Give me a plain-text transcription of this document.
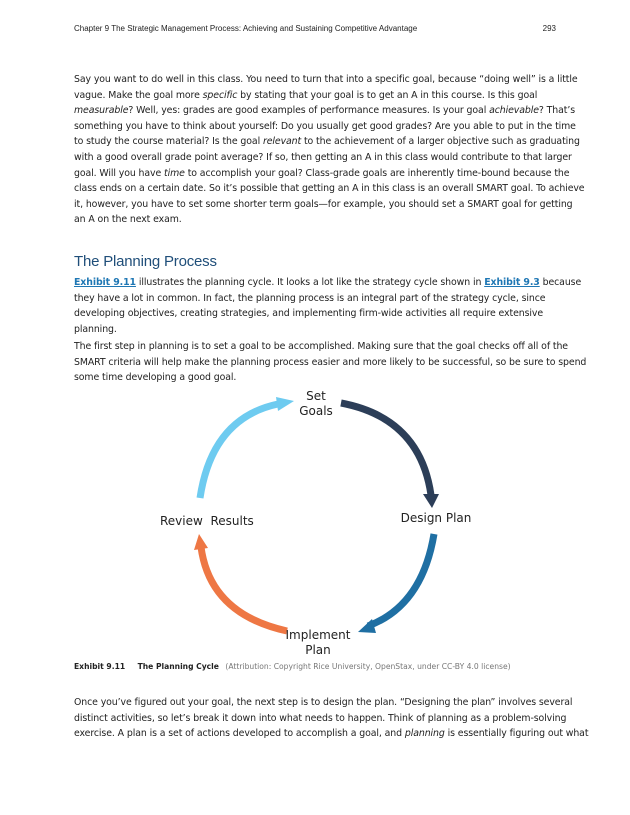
Chapter 9 The Strategic Management Process: Achieving and Sustaining Competitive Advantage	293

Say you want to do well in this class. You need to turn that into a specific goal, because “doing well” is a little
vague. Make the goal more specific by stating that your goal is to get an A in this course. Is this goal
measurable? Well, yes: grades are good examples of performance measures. Is your goal achievable? That’s
something you have to think about yourself: Do you usually get good grades? Are you able to put in the time
to study the course material? Is the goal relevant to the achievement of a larger objective such as graduating
with a good overall grade point average? If so, then getting an A in this class would contribute to that larger
goal. Will you have time to accomplish your goal? Class-grade goals are inherently time-bound because the
class ends on a certain date. So it’s possible that getting an A in this class is an overall SMART goal. To achieve
it, however, you have to set some shorter term goals—for example, you should set a SMART goal for getting
an A on the next exam.

The Planning Process

Exhibit 9.11 illustrates the planning cycle. It looks a lot like the strategy cycle shown in Exhibit 9.3 because
they have a lot in common. In fact, the planning process is an integral part of the strategy cycle, since
developing objectives, creating strategies, and implementing firm-wide activities all require extensive
planning.

The first step in planning is to set a goal to be accomplished. Making sure that the goal checks off all of the
SMART criteria will help make the planning process easier and more likely to be successful, so be sure to spend
some time developing a good goal.

Set
Goals
Design Plan
Implement
Plan
Review  Results
Exhibit 9.11 The Planning Cycle (Attribution: Copyright Rice University, OpenStax, under CC-BY 4.0 license)

Once you’ve figured out your goal, the next step is to design the plan. “Designing the plan” involves several
distinct activities, so let’s break it down into what needs to happen. Think of planning as a problem-solving
exercise. A plan is a set of actions developed to accomplish a goal, and planning is essentially figuring out what
